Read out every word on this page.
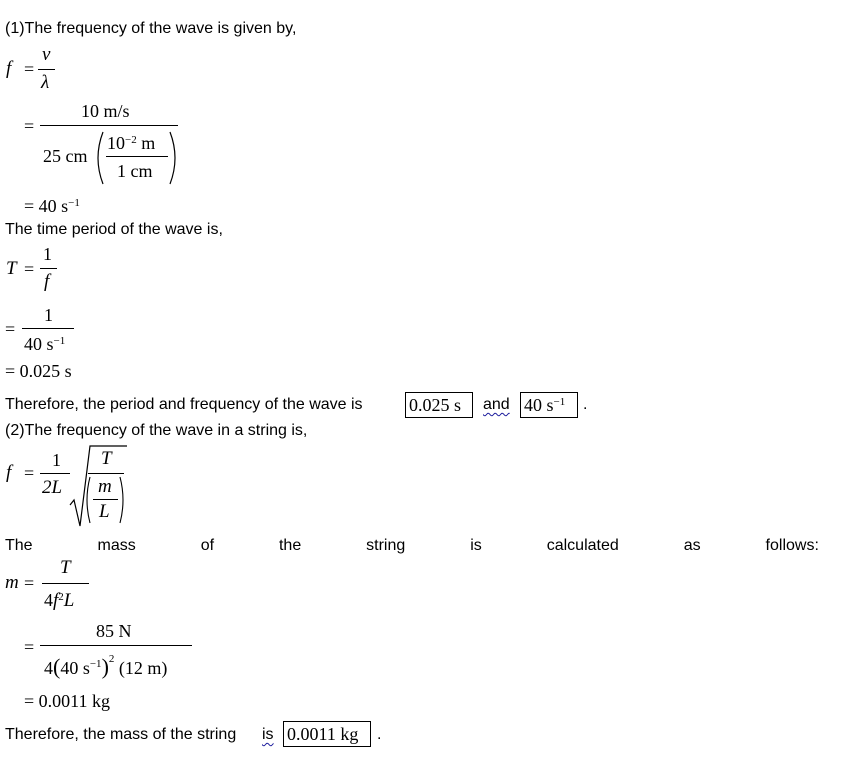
(1)The frequency of the wave is given by,
f =
v
λ
=
10 m/s
25 cm
$10^{-2}$ m
1 cm
= 40 $s^{-1}$
The time period of the wave is,
T =
1
f
=
1
40 $s^{-1}$
= 0.025 s
Therefore, the period and frequency of the wave is	0.025 s	and 40 $s^{-1}$	.
(2)The frequency of the wave in a string is,
f =
1
2L
T
m
L
The	mass	of	the	string	is	calculated	as	follows:
m =
T
$4f^2L$
=
85 N
4(40 $s^{-1})^2$ (12 m)
= 0.0011 kg
Therefore, the mass of the string is 0.0011 kg	.
